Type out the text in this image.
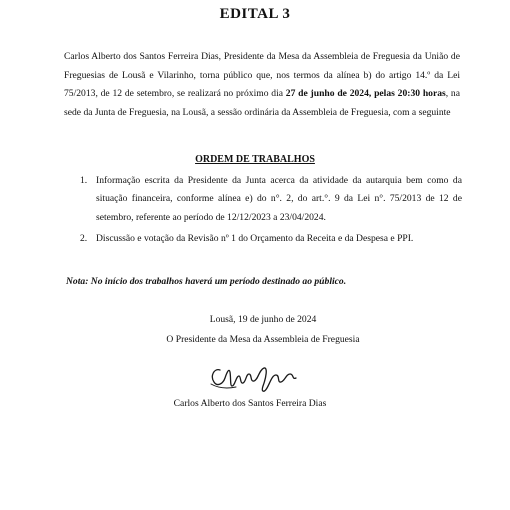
EDITAL 3
Carlos Alberto dos Santos Ferreira Dias, Presidente da Mesa da Assembleia de Freguesia da União de Freguesias de Lousã e Vilarinho, torna público que, nos termos da alínea b) do artigo 14.º da Lei 75/2013, de 12 de setembro, se realizará no próximo dia 27 de junho de 2024, pelas 20:30 horas, na sede da Junta de Freguesia, na Lousã, a sessão ordinária da Assembleia de Freguesia, com a seguinte
ORDEM DE TRABALHOS
1. Informação escrita da Presidente da Junta acerca da atividade da autarquia bem como da situação financeira, conforme alínea e) do n°. 2, do art.°. 9 da Lei n°. 75/2013 de 12 de setembro, referente ao período de 12/12/2023 a 23/04/2024.
2. Discussão e votação da Revisão nº 1 do Orçamento da Receita e da Despesa e PPI.
Nota: No início dos trabalhos haverá um período destinado ao público.
Lousã, 19 de junho de 2024
O Presidente da Mesa da Assembleia de Freguesia
Carlos Alberto dos Santos Ferreira Dias
